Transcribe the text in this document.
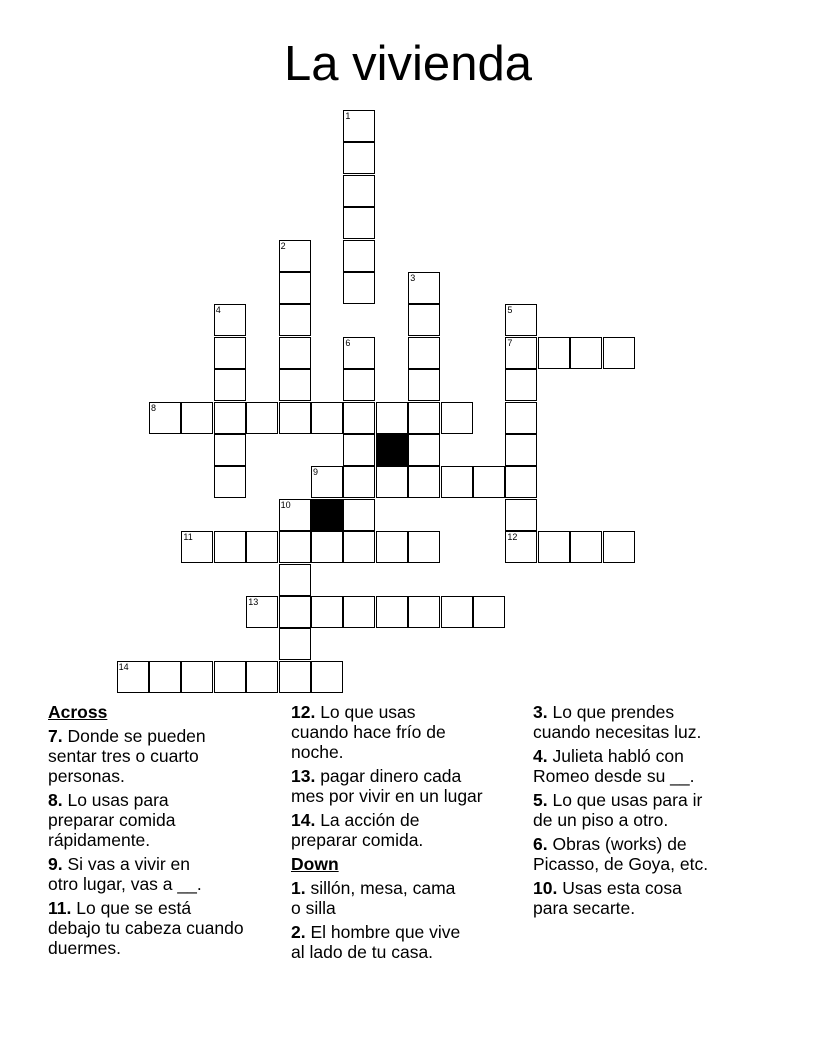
La vivienda
1
2
3
4	5
7
12
6
8
9
10
11
13
14
Across
7. Donde se pueden
sentar tres o cuarto
personas.
8. Lo usas para
preparar comida
rápidamente.
9. Si vas a vivir en
otro lugar, vas a __.
11. Lo que se está
debajo tu cabeza cuando
duermes.
12. Lo que usas
cuando hace frío de
noche.
13. pagar dinero cada
mes por vivir en un lugar
14. La acción de
preparar comida.
Down
1. sillón, mesa, cama
o silla
2. El hombre que vive
al lado de tu casa.
3. Lo que prendes
cuando necesitas luz.
4. Julieta habló con
Romeo desde su __.
5. Lo que usas para ir
de un piso a otro.
6. Obras (works) de
Picasso, de Goya, etc.
10. Usas esta cosa
para secarte.
